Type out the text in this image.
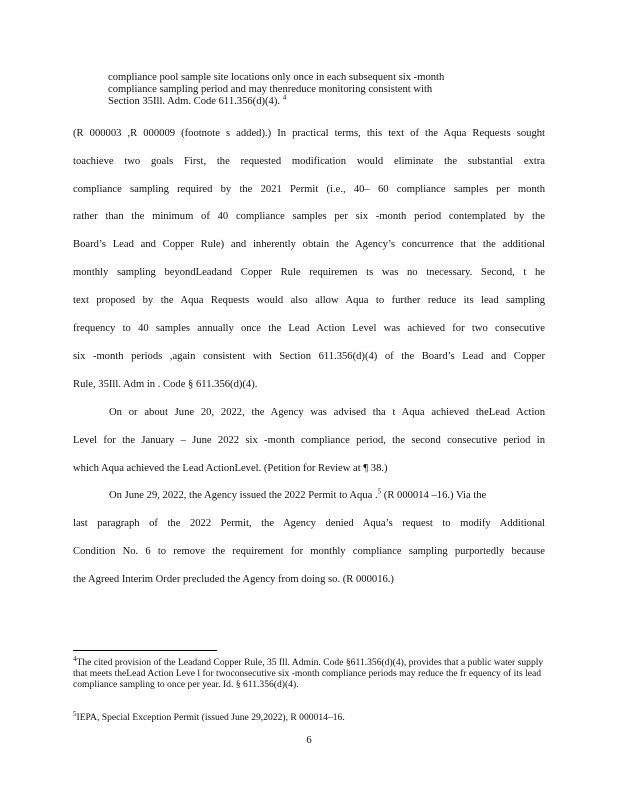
compliance pool sample site locations only once in each subsequent six -month
compliance sampling period and may thenreduce monitoring consistent with
Section 35Ill. Adm. Code 611.356(d)(4). $^4$
(R 000003 ,R 000009 (footnote s added).) In practical terms, this text of the Aqua Requests sought
toachieve two goals First, the requested modification would eliminate the substantial extra
compliance sampling required by the 2021 Permit (i.e., 40– 60 compliance samples per month
rather than the minimum of 40 compliance samples per six -month period contemplated by the
Board’s Lead and Copper Rule) and inherently obtain the Agency’s concurrence that the additional
monthly sampling beyondLeadand Copper Rule requiremen ts was no tnecessary. Second, t he
text proposed by the Aqua Requests would also allow Aqua to further reduce its lead sampling
frequency to 40 samples annually once the Lead Action Level was achieved for two consecutive
six -month periods ,again consistent with Section 611.356(d)(4) of the Board’s Lead and Copper
Rule, 35Ill. Adm in . Code § 611.356(d)(4).
On or about June 20, 2022, the Agency was advised tha t Aqua achieved theLead Action
Level for the January – June 2022 six -month compliance period, the second consecutive period in
which Aqua achieved the Lead ActionLevel. (Petition for Review at ¶ 38.)
On June 29, 2022, the Agency issued the 2022 Permit to Aqua .$^5$ (R 000014 –16.) Via the
last paragraph of the 2022 Permit, the Agency denied Aqua’s request to modify Additional
Condition No. 6 to remove the requirement for monthly compliance sampling purportedly because
the Agreed Interim Order precluded the Agency from doing so. (R 000016.)
$^4$The cited provision of the Leadand Copper Rule, 35 Ill. Admin. Code §611.356(d)(4), provides that a public water supply that meets theLead Action Leve l for twoconsecutive six -month compliance periods may reduce the fr equency of its lead compliance sampling to once per year. Id. § 611.356(d)(4).
$^5$IEPA, Special Exception Permit (issued June 29,2022), R 000014–16.
6
